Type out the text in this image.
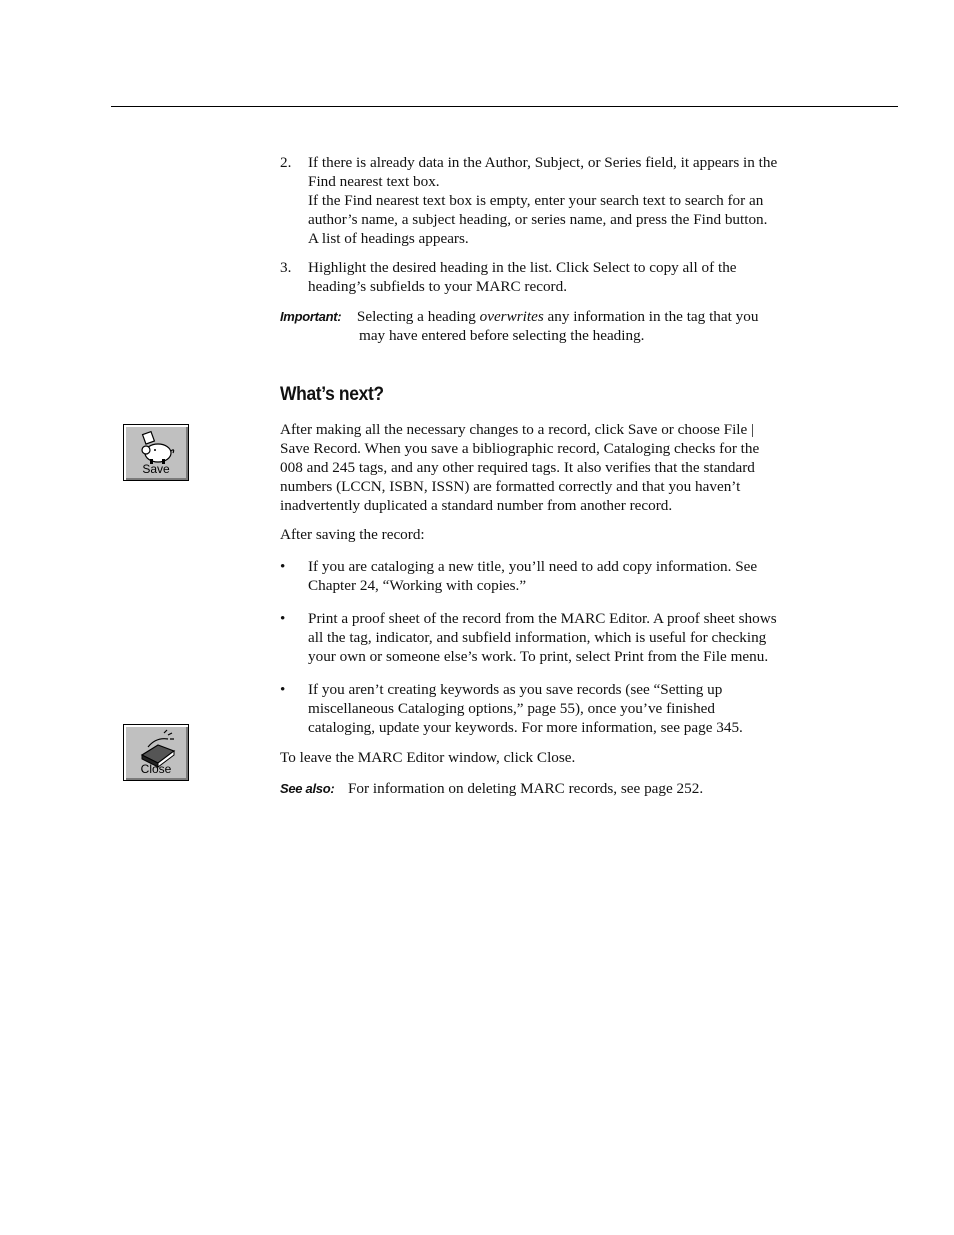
2. If there is already data in the Author, Subject, or Series field, it appears in the
Find nearest text box.
If the Find nearest text box is empty, enter your search text to search for an
author’s name, a subject heading, or series name, and press the Find button.
A list of headings appears.
3. Highlight the desired heading in the list. Click Select to copy all of the
heading’s subfields to your MARC record.
Important: Selecting a heading overwrites any information in the tag that you
may have entered before selecting the heading.
What’s next?
Save
After making all the necessary changes to a record, click Save or choose File |
Save Record. When you save a bibliographic record, Cataloging checks for the
008 and 245 tags, and any other required tags. It also verifies that the standard
numbers (LCCN, ISBN, ISSN) are formatted correctly and that you haven’t
inadvertently duplicated a standard number from another record.
After saving the record:
• If you are cataloging a new title, you’ll need to add copy information. See
Chapter 24, “Working with copies.”
• Print a proof sheet of the record from the MARC Editor. A proof sheet shows
all the tag, indicator, and subfield information, which is useful for checking
your own or someone else’s work. To print, select Print from the File menu.
• If you aren’t creating keywords as you save records (see “Setting up
miscellaneous Cataloging options,” page 55), once you’ve finished
cataloging, update your keywords. For more information, see page 345.
Close
To leave the MARC Editor window, click Close.
See also: For information on deleting MARC records, see page 252.
